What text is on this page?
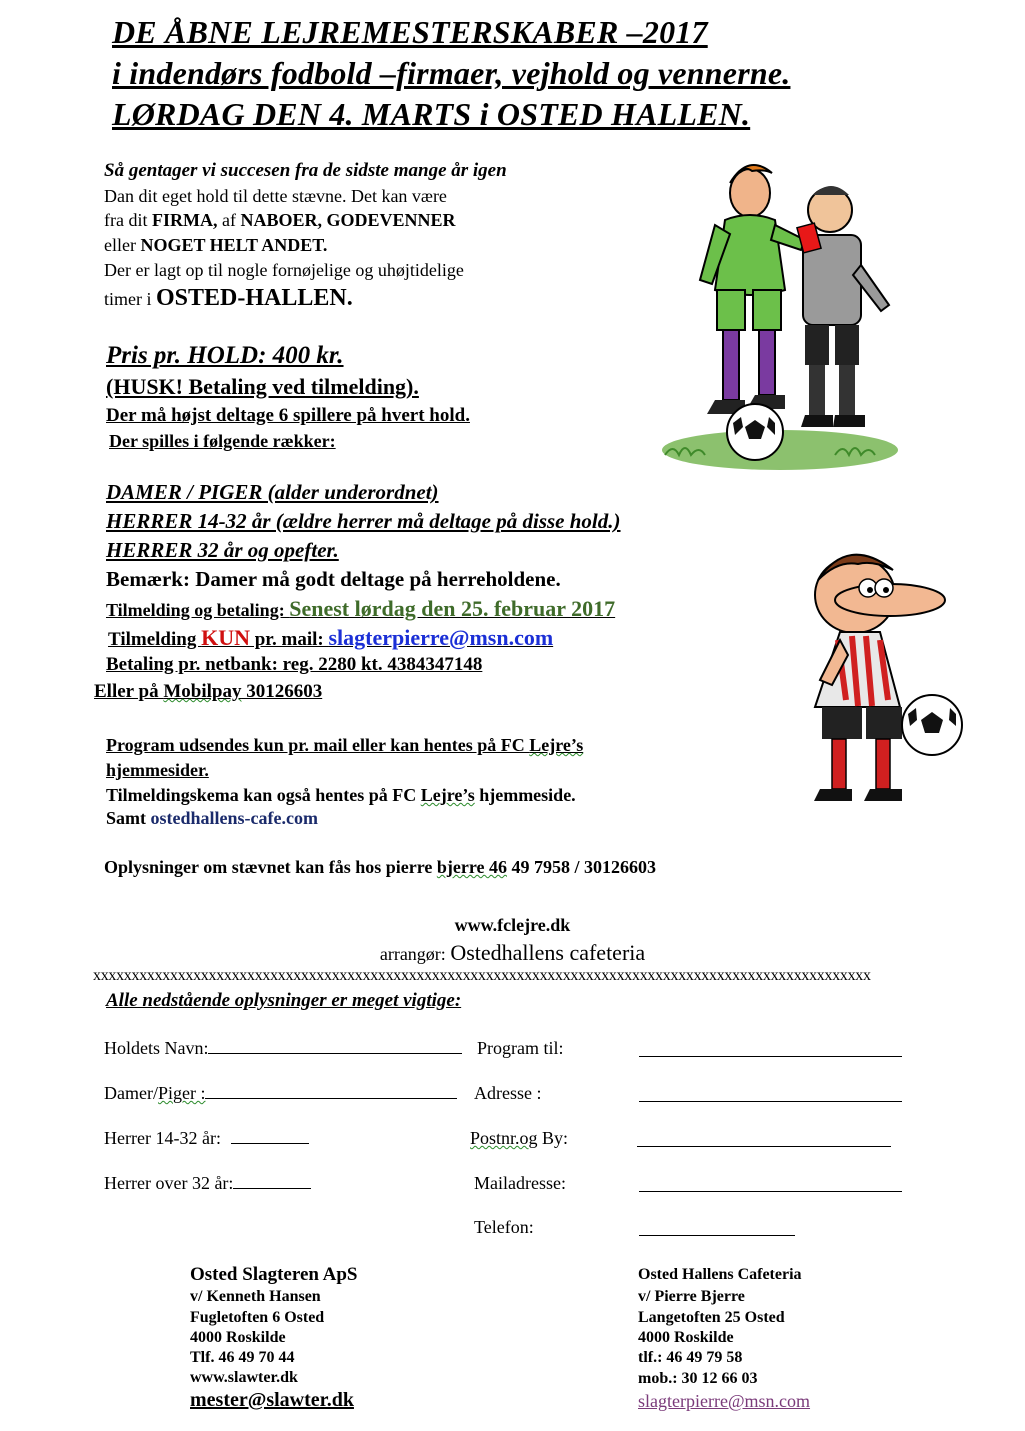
DE ÅBNE LEJREMESTERSKABER –2017
i indendørs fodbold –firmaer, vejhold og vennerne.
LØRDAG DEN 4. MARTS i OSTED HALLEN.
Så gentager vi succesen fra de sidste mange år igen
Dan dit eget hold til dette stævne. Det kan være
fra dit FIRMA, af NABOER, GODEVENNER
eller NOGET HELT ANDET.
Der er lagt op til nogle fornøjelige og uhøjtidelige
timer i OSTED-HALLEN.
Pris pr. HOLD: 400 kr.
(HUSK! Betaling ved tilmelding).
Der må højst deltage 6 spillere på hvert hold.
Der spilles i følgende rækker:
DAMER / PIGER (alder underordnet)
HERRER 14-32 år (ældre herrer må deltage på disse hold.)
HERRER 32 år og opefter.
Bemærk: Damer må godt deltage på herreholdene.
Tilmelding og betaling: Senest lørdag den 25. februar 2017
Tilmelding KUN pr. mail: slagterpierre@msn.com
Betaling pr. netbank: reg. 2280 kt. 4384347148
Eller på Mobilpay 30126603
Program udsendes kun pr. mail eller kan hentes på FC Lejre’s
hjemmesider.
Tilmeldingskema kan også hentes på FC Lejre’s hjemmeside.
Samt ostedhallens-cafe.com
Oplysninger om stævnet kan fås hos pierre bjerre 46 49 7958 / 30126603
www.fclejre.dk
arrangør: Ostedhallens cafeteria
xxxxxxxxxxxxxxxxxxxxxxxxxxxxxxxxxxxxxxxxxxxxxxxxxxxxxxxxxxxxxxxxxxxxxxxxxxxxxxxxxxxxxxxxxxxxxxxxxxxxx
Alle nedstående oplysninger er meget vigtige:
Holdets Navn:
Damer/Piger :
Herrer 14-32 år:
Herrer over 32 år:
Program til:
Adresse :
Postnr.og By:
Mailadresse:
Telefon:
Osted Slagteren ApS
v/ Kenneth Hansen
Fugletoften 6 Osted
4000 Roskilde
Tlf. 46 49 70 44
www.slawter.dk
mester@slawter.dk
Osted Hallens Cafeteria
v/ Pierre Bjerre
Langetoften 25 Osted
4000 Roskilde
tlf.: 46 49 79 58
mob.: 30 12 66 03
slagterpierre@msn.com
